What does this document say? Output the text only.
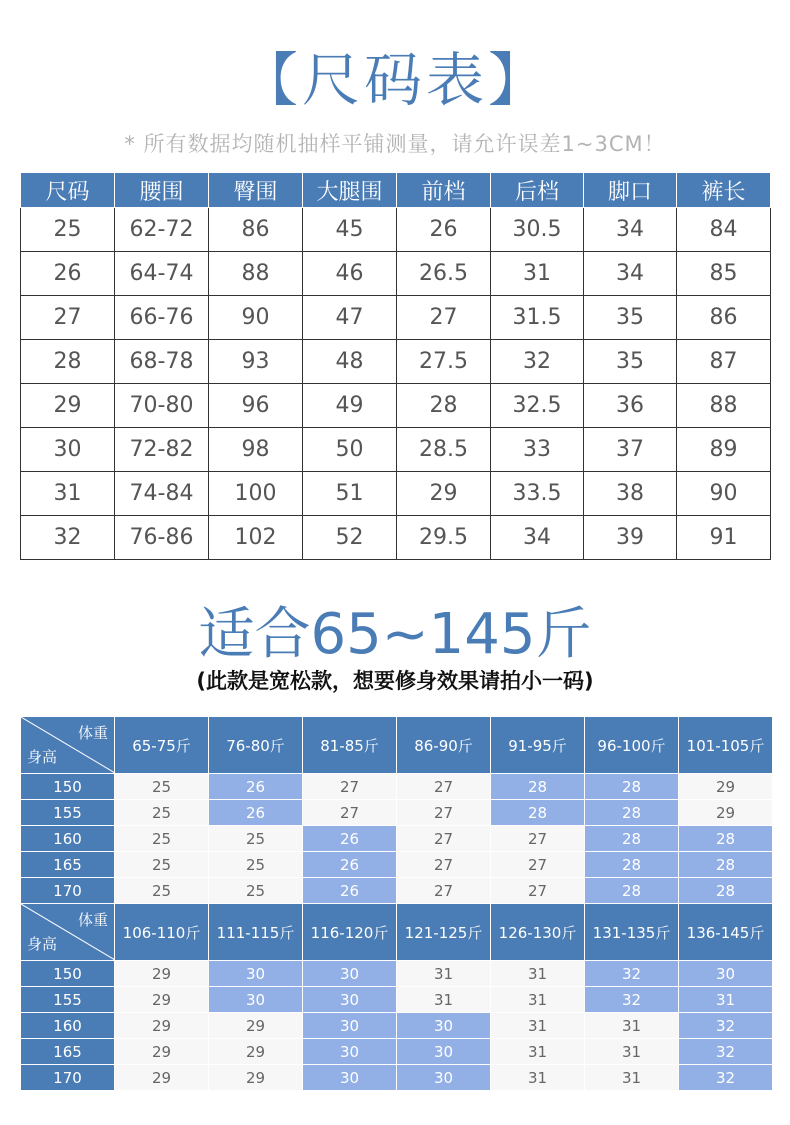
【尺码表】
* 所有数据均随机抽样平铺测量，请允许误差1~3CM！
尺码	腰围	臀围	大腿围	前档	后档	脚口	裤长
25	62-72	86	45	26	30.5	34	84
26	64-74	88	46	26.5	31	34	85
27	66-76	90	47	27	31.5	35	86
28	68-78	93	48	27.5	32	35	87
29	70-80	96	49	28	32.5	36	88
30	72-82	98	50	28.5	33	37	89
31	74-84	100	51	29	33.5	38	90
32	76-86	102	52	29.5	34	39	91
适合65~145斤
(此款是宽松款，想要修身效果请拍小一码)
体重
身高	65-75斤	76-80斤	81-85斤	86-90斤	91-95斤	96-100斤	101-105斤
150	25	26	27	27	28	28	29
155	25	26	27	27	28	28	29
160	25	25	26	27	27	28	28
165	25	25	26	27	27	28	28
170	25	25	26	27	27	28	28

体重
身高	106-110斤	111-115斤	116-120斤	121-125斤	126-130斤	131-135斤	136-145斤
150	29	30	30	31	31	32	30
155	29	30	30	31	31	32	31
160	29	29	30	30	31	31	32
165	29	29	30	30	31	31	32
170	29	29	30	30	31	31	32
